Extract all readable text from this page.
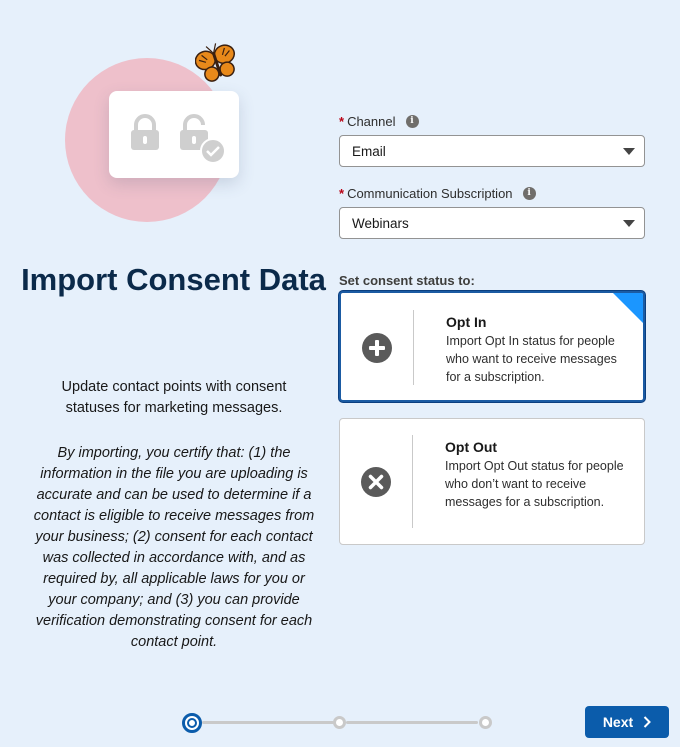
Import Consent Data

Update contact points with consent statuses for marketing messages.

By importing, you certify that: (1) the information in the file you are uploading is accurate and can be used to determine if a contact is eligible to receive messages from your business; (2) consent for each contact was collected in accordance with, and as required by, all applicable laws for you or your company; and (3) you can provide verification demonstrating consent for each contact point.

* Channel	i
Email
* Communication Subscription	i
Webinars
Set consent status to:
Opt In
Import Opt In status for people who want to receive messages for a subscription.
Opt Out
Import Opt Out status for people who don’t want to receive messages for a subscription.
Next
